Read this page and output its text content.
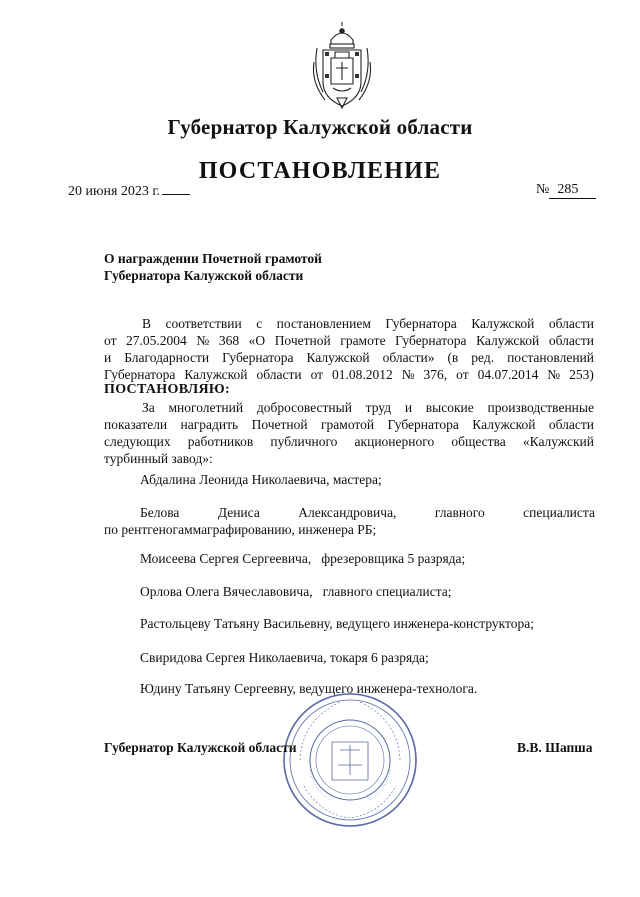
Губернатор Калужской области
ПОСТАНОВЛЕНИЕ
20 июня 2023 г.	№ 285
О награждении Почетной грамотой
Губернатора Калужской области
В соответствии с постановлением Губернатора Калужской области
от 27.05.2004 № 368 «О Почетной грамоте Губернатора Калужской области
и Благодарности Губернатора Калужской области» (в ред. постановлений
Губернатора Калужской области от 01.08.2012 № 376, от 04.07.2014 № 253)
ПОСТАНОВЛЯЮ:
За многолетний добросовестный труд и высокие производственные
показатели наградить Почетной грамотой Губернатора Калужской области
следующих работников публичного акционерного общества «Калужский
турбинный завод»:
Абдалина Леонида Николаевича, мастера;
Белова	Дениса	Александровича,	главного	специалиста
по рентгеногаммаграфированию, инженера РБ;
Моисеева Сергея Сергеевича,   фрезеровщика 5 разряда;
Орлова Олега Вячеславовича,   главного специалиста;
Растольцеву Татьяну Васильевну, ведущего инженера-конструктора;
Свиридова Сергея Николаевича, токаря 6 разряда;
Юдину Татьяну Сергеевну, ведущего инженера-технолога.
Губернатор Калужской области	В.В. Шапша
